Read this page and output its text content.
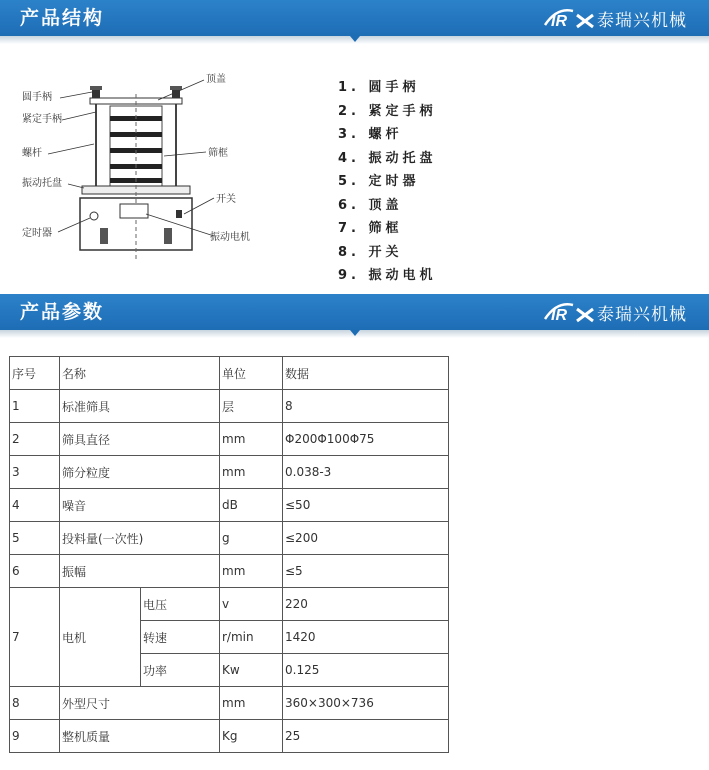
产品结构	IR 泰瑞兴机械
圆手柄
紧定手柄
螺杆
振动托盘
定时器
顶盖
筛框
开关
振动电机
1. 圆手柄
2. 紧定手柄
3. 螺杆
4. 振动托盘
5. 定时器
6. 顶盖
7. 筛框
8. 开关
9. 振动电机
产品参数	IR 泰瑞兴机械
序号	名称		单位	数据
1	标准筛具		层	8
2	筛具直径		mm	Φ200Φ100Φ75
3	筛分粒度		mm	0.038-3
4	噪音		dB	≤50
5	投料量(一次性)		g	≤200
6	振幅		mm	≤5
7	电机	电压	v	220
		转速	r/min	1420
		功率	Kw	0.125
8	外型尺寸		mm	360×300×736
9	整机质量		Kg	25
